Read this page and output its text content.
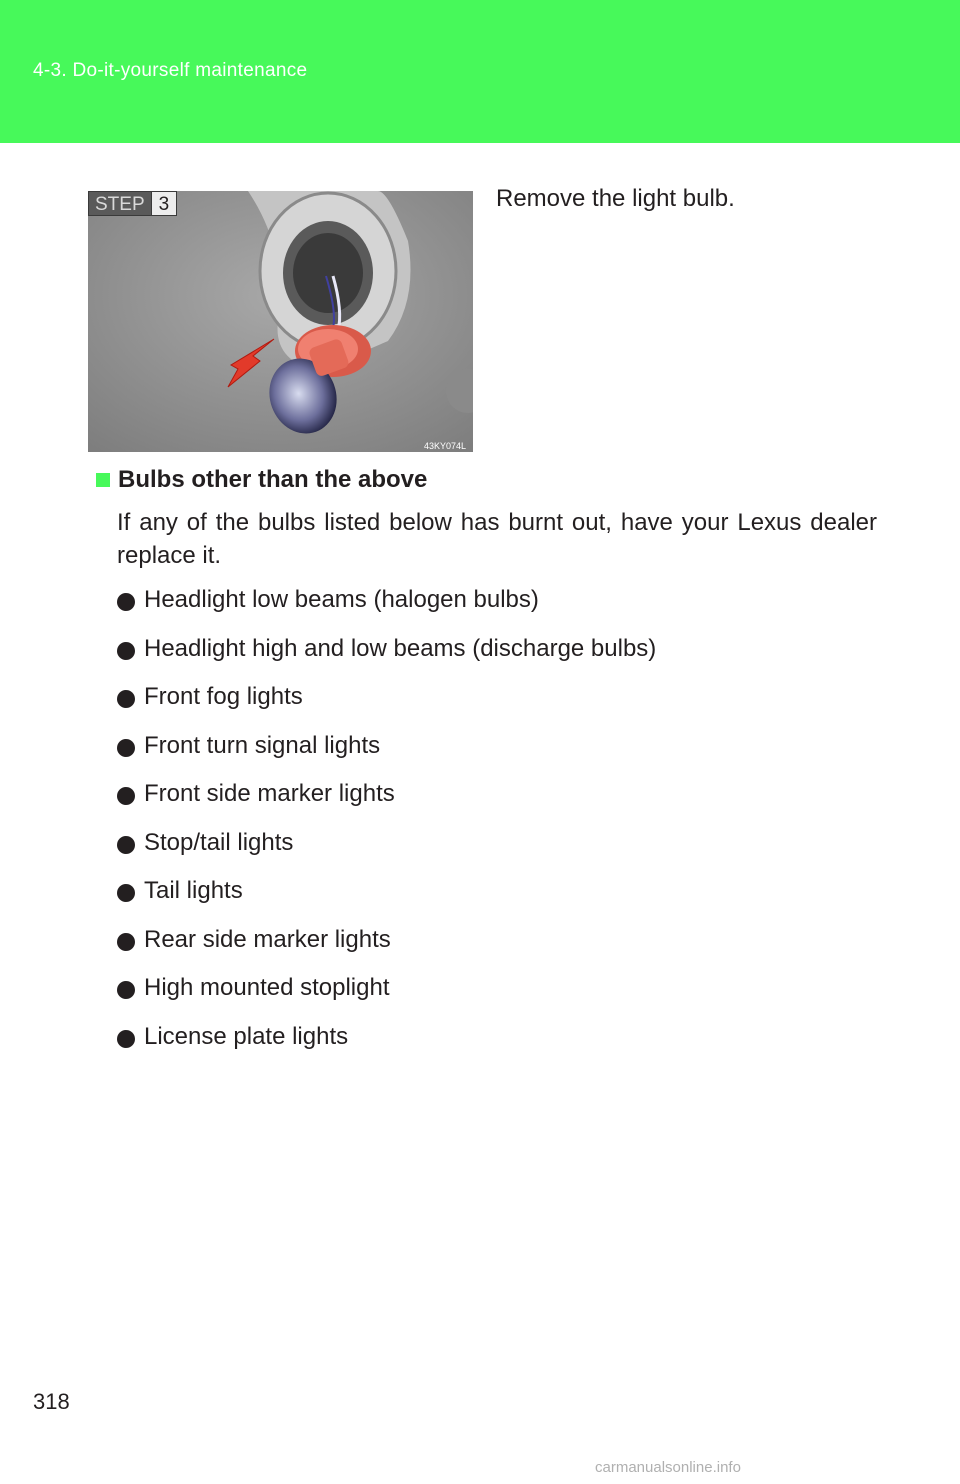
4-3. Do-it-yourself maintenance
STEP 3
43KY074L
Remove the light bulb.
Bulbs other than the above
If any of the bulbs listed below has burnt out, have your Lexus dealer replace it.
Headlight low beams (halogen bulbs)
Headlight high and low beams (discharge bulbs)
Front fog lights
Front turn signal lights
Front side marker lights
Stop/tail lights
Tail lights
Rear side marker lights
High mounted stoplight
License plate lights
318
carmanualsonline.info
